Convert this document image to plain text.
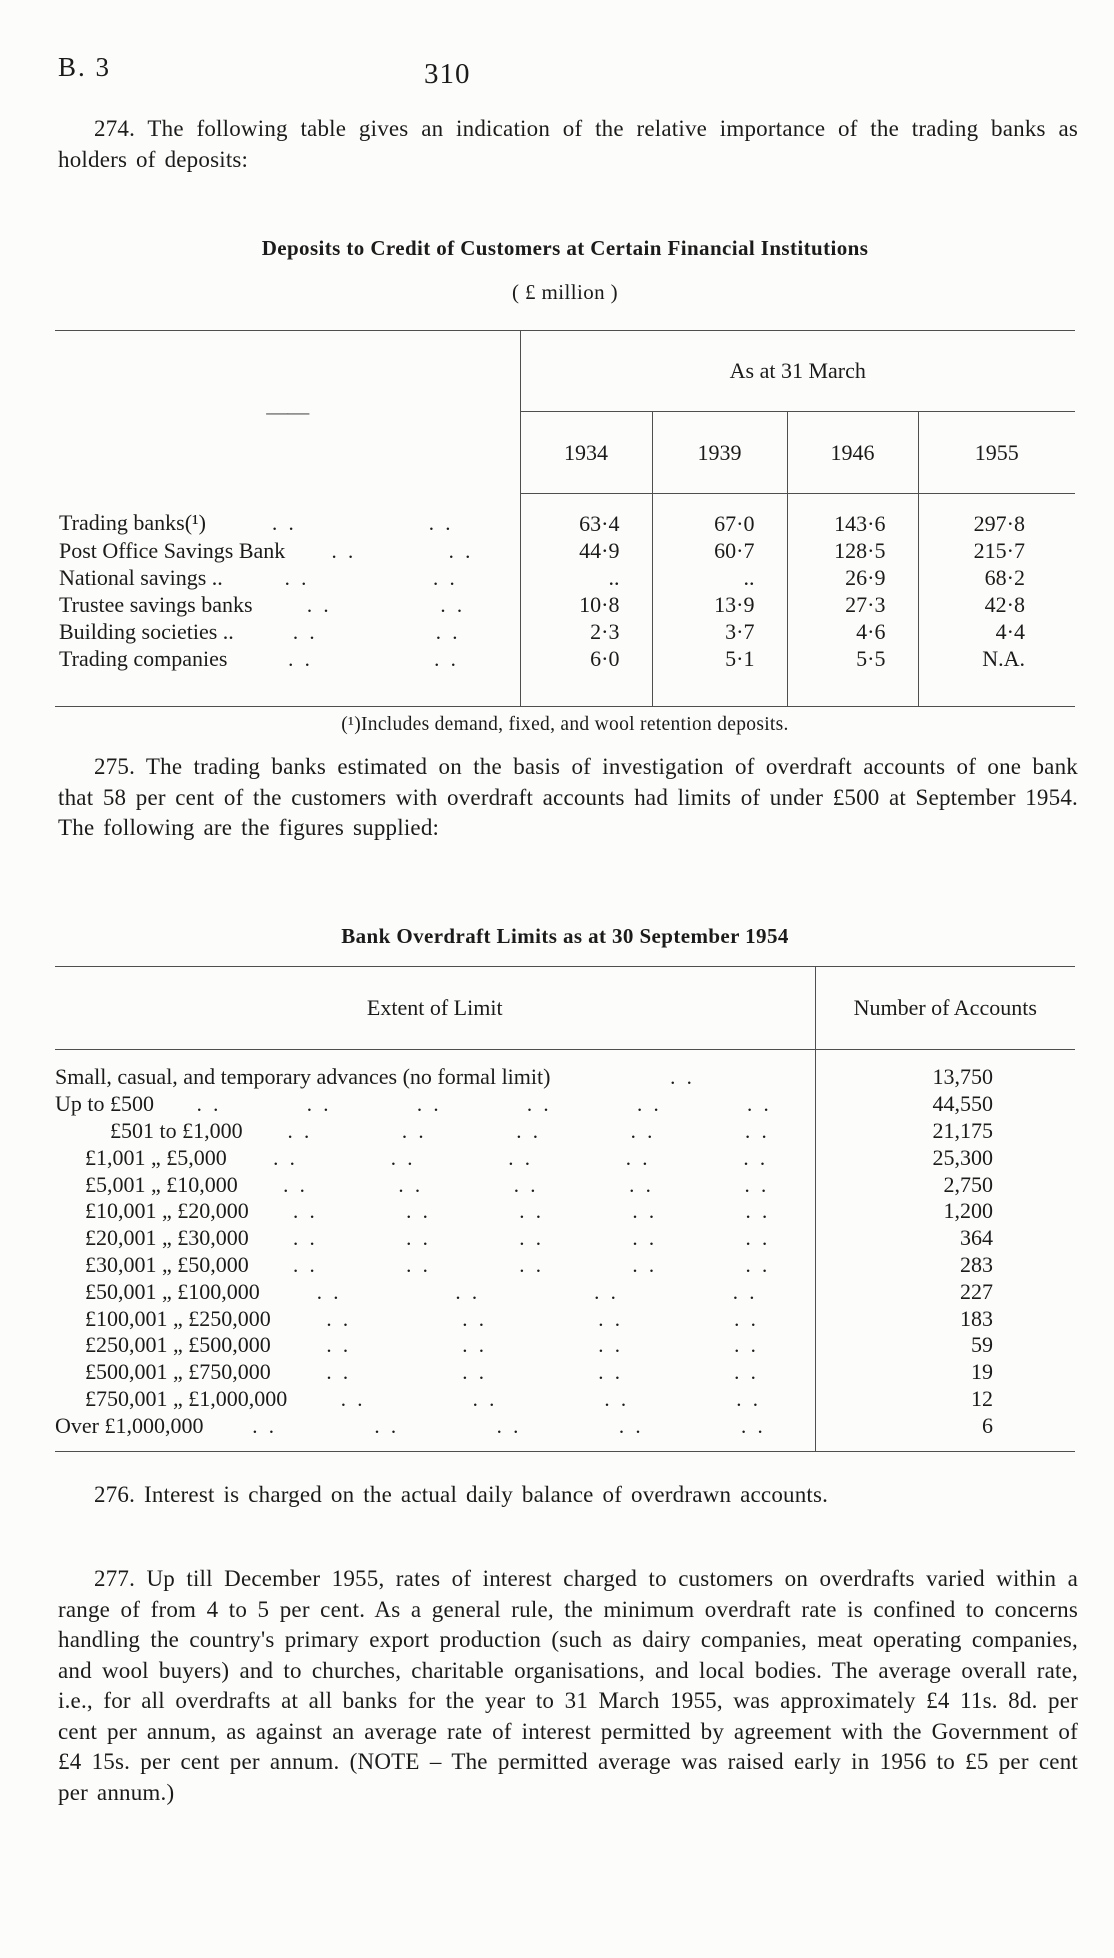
B. 3	310
274. The following table gives an indication of the relative importance of the trading banks as holders of deposits:
Deposits to Credit of Customers at Certain Financial Institutions
( £ million )
——	As at 31 March			
	1934	1939	1946	1955

Trading banks(¹) . . . .	63·4	67·0	143·6	297·8

Post Office Savings Bank . . . .	44·9	60·7	128·5	215·7

National savings .. . . . .	..	..	26·9	68·2

Trustee savings banks . . . .	10·8	13·9	27·3	42·8

Building societies .. . . . .	2·3	3·7	4·6	4·4

Trading companies . . . .	6·0	5·1	5·5	N.A.
(¹)Includes demand, fixed, and wool retention deposits.
275. The trading banks estimated on the basis of investigation of overdraft accounts of one bank that 58 per cent of the customers with overdraft accounts had limits of under £500 at September 1954. The following are the figures supplied:
Bank Overdraft Limits as at 30 September 1954
Extent of Limit	Number of Accounts

Small, casual, and temporary advances (no formal limit) . .	13,750

Up to £500	. .	. .	. .	. .	. .	. .	44,550

£501 to £1,000	. .	. .	. .	. .	. .	21,175

£1,001 „ £5,000	. .	. .	. .	. .	. .	25,300

£5,001 „ £10,000	. .	. .	. .	. .	. .	2,750

£10,001 „ £20,000	. .	. .	. .	. .	. .	1,200

£20,001 „ £30,000	. .	. .	. .	. .	. .	364

£30,001 „ £50,000	. .	. .	. .	. .	. .	283

£50,001 „ £100,000 . . . . . . . .	227

£100,001 „ £250,000 . . . . . . . .	183

£250,001 „ £500,000 . . . . . . . .	59

£500,001 „ £750,000 . . . . . . . .	19

£750,001 „ £1,000,000 . . . . . . . .	12

Over £1,000,000	. .	. .	. .	. .	. .	6
276. Interest is charged on the actual daily balance of overdrawn accounts.
277. Up till December 1955, rates of interest charged to customers on overdrafts varied within a range of from 4 to 5 per cent. As a general rule, the minimum overdraft rate is confined to concerns handling the country's primary export production (such as dairy companies, meat operating companies, and wool buyers) and to churches, charitable organisations, and local bodies. The average overall rate, i.e., for all overdrafts at all banks for the year to 31 March 1955, was approximately £4 11s. 8d. per cent per annum, as against an average rate of interest permitted by agreement with the Government of £4 15s. per cent per annum. (NOTE – The permitted average was raised early in 1956 to £5 per cent per annum.)
